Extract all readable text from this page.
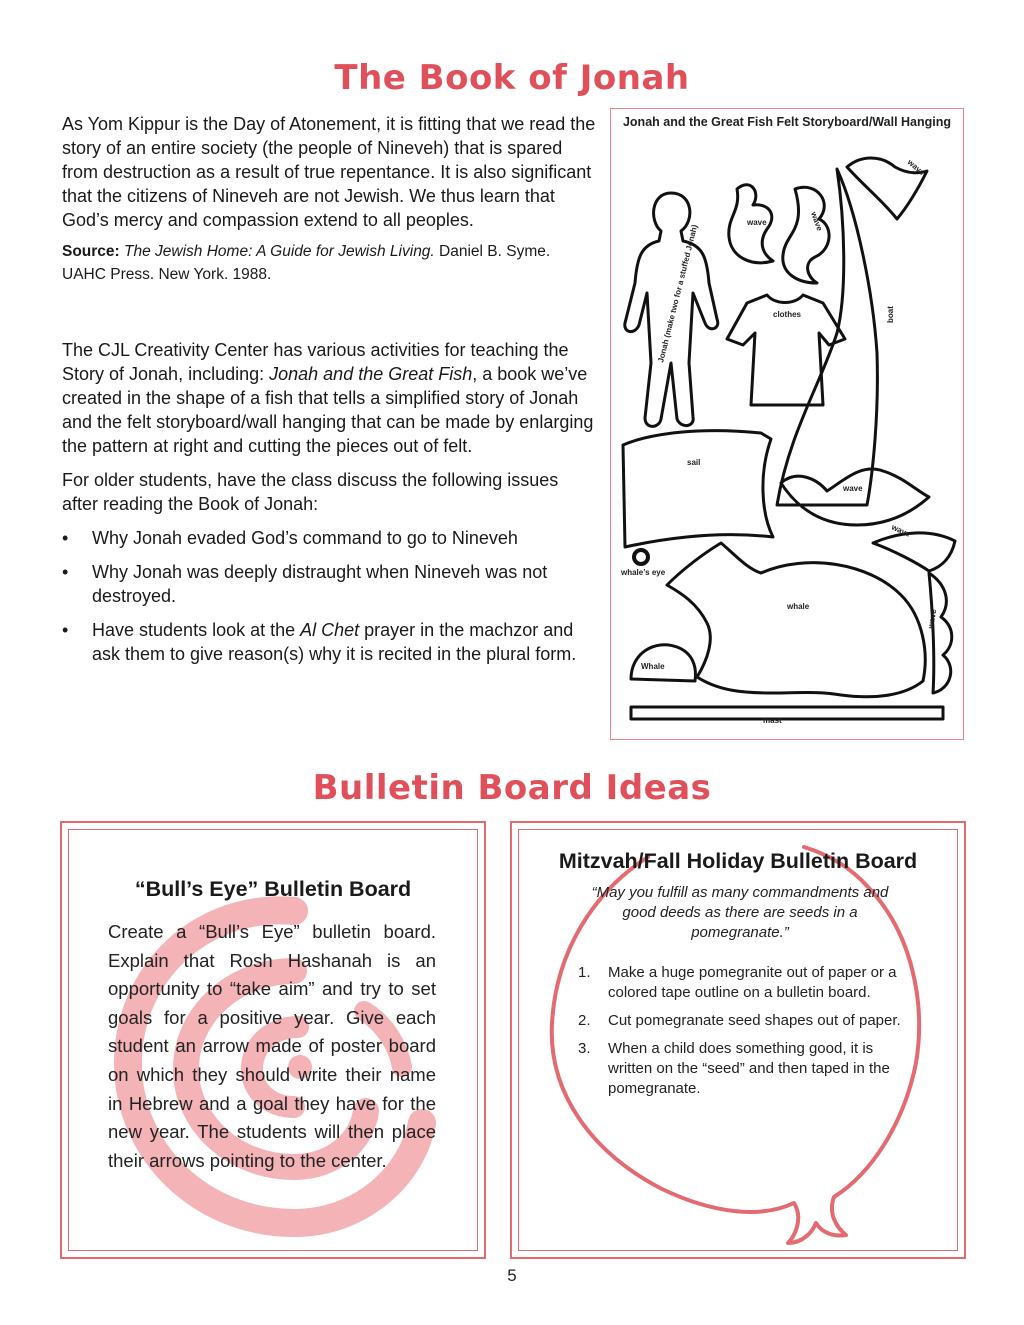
The Book of Jonah

As Yom Kippur is the Day of Atonement, it is fitting that we read the story of an entire society (the people of Nineveh) that is spared from destruction as a result of true repentance. It is also significant that the citizens of Nineveh are not Jewish. We thus learn that God’s mercy and compassion extend to all peoples.

Source: The Jewish Home: A Guide for Jewish Living. Daniel B. Syme. UAHC Press. New York. 1988.

The CJL Creativity Center has various activities for teaching the Story of Jonah, including: Jonah and the Great Fish, a book we’ve created in the shape of a fish that tells a simplified story of Jonah and the felt storyboard/wall hanging that can be made by enlarging the pattern at right and cutting the pieces out of felt.

For older students, have the class discuss the following issues after reading the Book of Jonah:

• Why Jonah evaded God’s command to go to Nineveh
• Why Jonah was deeply distraught when Nineveh was not destroyed.
• Have students look at the Al Chet prayer in the machzor and ask them to give reason(s) why it is recited in the plural form.
Jonah and the Great Fish Felt Storyboard/Wall Hanging
Jonah (make two for a stuffed Jonah)
wave
wave
wave
clothes	boat
sail
wave
wave
whale’s eye
whale
wave
Whale
mast
Bulletin Board Ideas
“Bull’s Eye” Bulletin Board

Create a “Bull’s Eye” bulletin board. Explain that Rosh Hashanah is an opportunity to “take aim” and try to set goals for a positive year. Give each student an arrow made of poster board on which they should write their name in Hebrew and a goal they have for the new year. The students will then place their arrows pointing to the center.

Mitzvah/Fall Holiday Bulletin Board

“May you fulfill as many commandments and good deeds as there are seeds in a pomegranate.”

1. Make a huge pomegranite out of paper or a colored tape outline on a bulletin board.
2. Cut pomegranate seed shapes out of paper.
3. When a child does something good, it is written on the “seed” and then taped in the pomegranate.
5
